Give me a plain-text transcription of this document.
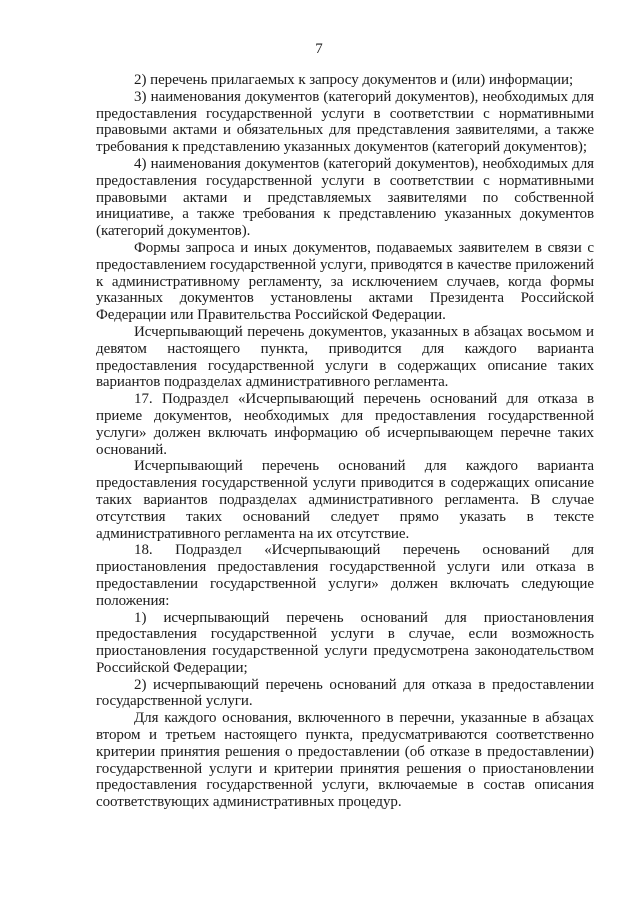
7

2) перечень прилагаемых к запросу документов и (или) информации;

3) наименования документов (категорий документов), необходимых для предоставления государственной услуги в соответствии с нормативными правовыми актами и обязательных для представления заявителями, а также требования к представлению указанных документов (категорий документов);

4) наименования документов (категорий документов), необходимых для предоставления государственной услуги в соответствии с нормативными правовыми актами и представляемых заявителями по собственной инициативе, а также требования к представлению указанных документов (категорий документов).

Формы запроса и иных документов, подаваемых заявителем в связи с предоставлением государственной услуги, приводятся в качестве приложений к административному регламенту, за исключением случаев, когда формы указанных документов установлены актами Президента Российской Федерации или Правительства Российской Федерации.

Исчерпывающий перечень документов, указанных в абзацах восьмом и девятом настоящего пункта, приводится для каждого варианта предоставления государственной услуги в содержащих описание таких вариантов подразделах административного регламента.

17. Подраздел «Исчерпывающий перечень оснований для отказа в приеме документов, необходимых для предоставления государственной услуги» должен включать информацию об исчерпывающем перечне таких оснований.

Исчерпывающий перечень оснований для каждого варианта предоставления государственной услуги приводится в содержащих описание таких вариантов подразделах административного регламента. В случае отсутствия таких оснований следует прямо указать в тексте административного регламента на их отсутствие.

18. Подраздел «Исчерпывающий перечень оснований для приостановления предоставления государственной услуги или отказа в предоставлении государственной услуги» должен включать следующие положения:

1) исчерпывающий перечень оснований для приостановления предоставления государственной услуги в случае, если возможность приостановления государственной услуги предусмотрена законодательством Российской Федерации;

2) исчерпывающий перечень оснований для отказа в предоставлении государственной услуги.

Для каждого основания, включенного в перечни, указанные в абзацах втором и третьем настоящего пункта, предусматриваются соответственно критерии принятия решения о предоставлении (об отказе в предоставлении) государственной услуги и критерии принятия решения о приостановлении предоставления государственной услуги, включаемые в состав описания соответствующих административных процедур.
